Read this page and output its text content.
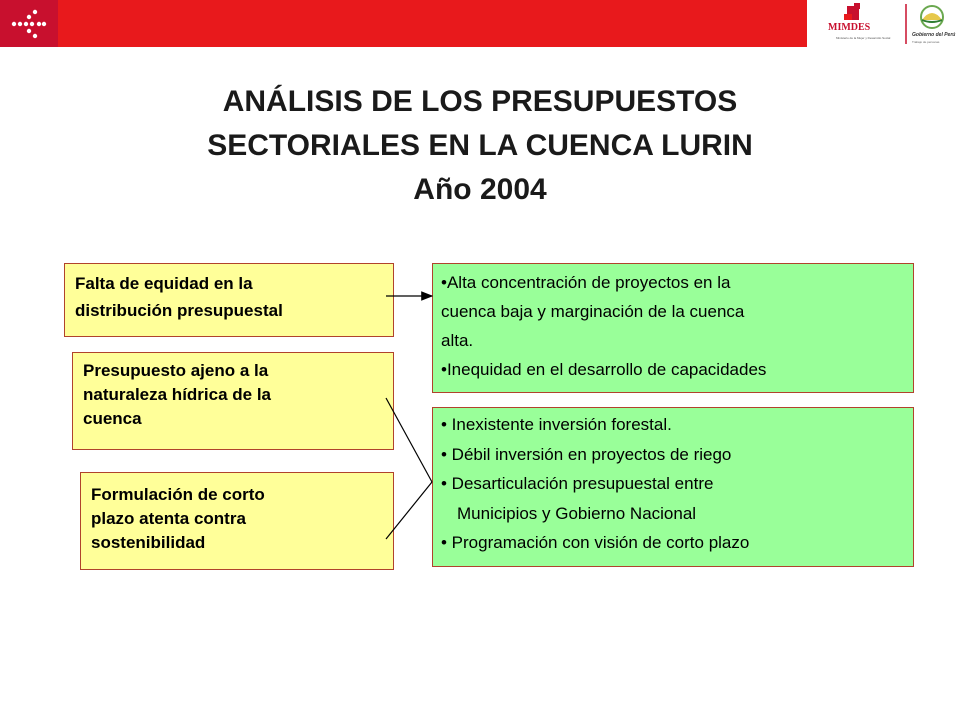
MIMDES
Ministerio de la Mujer y Desarrollo Social	Gobierno del Perú
Trabajo de personas
ANÁLISIS DE LOS PRESUPUESTOS
SECTORIALES EN LA CUENCA LURIN
Año 2004
Falta de equidad en la
distribución presupuestal
Presupuesto ajeno a la
naturaleza hídrica de la
cuenca
Formulación de corto
plazo atenta contra
sostenibilidad
•Alta concentración de proyectos en la
cuenca baja y marginación de la cuenca
alta.
•Inequidad en el desarrollo de capacidades
• Inexistente inversión forestal.
• Débil inversión en proyectos de riego
• Desarticulación presupuestal entre
Municipios y Gobierno Nacional
• Programación con visión de corto plazo
